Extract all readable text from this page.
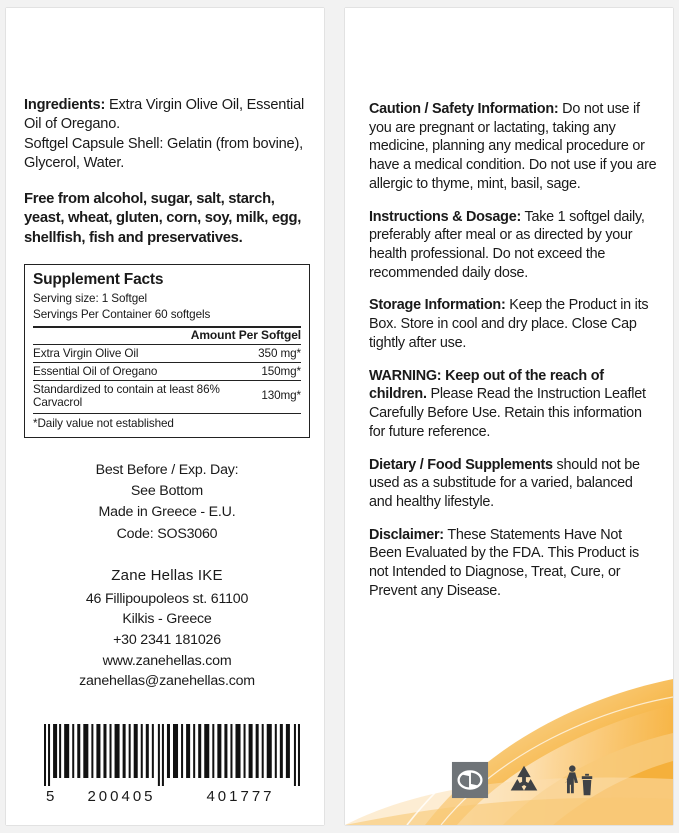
Ingredients: Extra Virgin Olive Oil, Essential Oil of Oregano.

Softgel Capsule Shell: Gelatin (from bovine), Glycerol, Water.

Free from alcohol, sugar, salt, starch, yeast, wheat, gluten, corn, soy, milk, egg, shellfish, fish and preservatives.

Supplement Facts
Serving size: 1 Softgel
Servings Per Container 60 softgels
Amount Per Softgel
Extra Virgin Olive Oil	350 mg*
Essential Oil of Oregano	150mg*
Standardized to contain at least 86% Carvacrol	130mg*
*Daily value not established
Best Before / Exp. Day:
See Bottom
Made in Greece - E.U.
Code: SOS3060
Zane Hellas IKE
46 Fillipoupoleos st. 61100
Kilkis - Greece
+30 2341 181026
www.zanehellas.com
zanehellas@zanehellas.com
5	200405	401777

Caution / Safety Information: Do not use if you are pregnant or lactating, taking any medicine, planning any medical procedure or have a medical condition. Do not use if you are allergic to thyme, mint, basil, sage.

Instructions & Dosage: Take 1 softgel daily, preferably after meal or as directed by your health professional. Do not exceed the recommended daily dose.

Storage Information: Keep the Product in its Box. Store in cool and dry place. Close Cap tightly after use.

WARNING: Keep out of the reach of children. Please Read the Instruction Leaflet Carefully Before Use. Retain this information for future reference.

Dietary / Food Supplements should not be used as a substitude for a varied, balanced and healthy lifestyle.

Disclaimer: These Statements Have Not Been Evaluated by the FDA. This Product is not Intended to Diagnose, Treat, Cure, or Prevent any Disease.
